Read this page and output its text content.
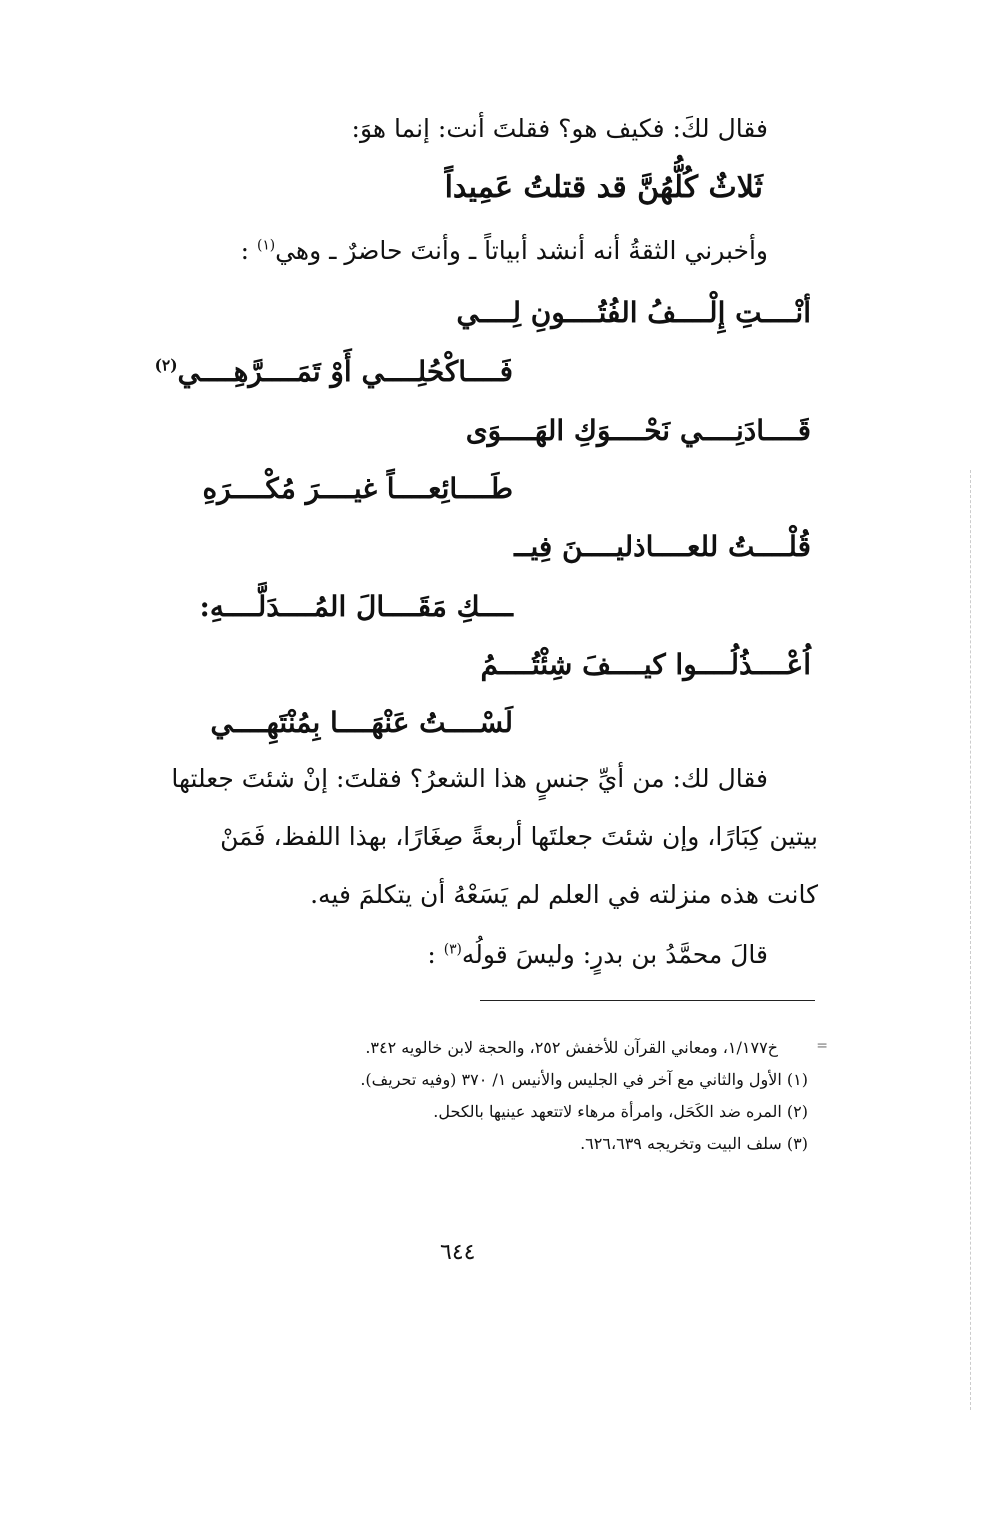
فقال لكَ: فكيف هو؟ فقلتَ أنت: إنما هوَ:
ثَلاثٌ كُلُّهُنَّ قد قتلتُ عَمِيداً
وأخبرني الثقةُ أنه أنشد أبياتاً ـ وأنتَ حاضرٌ ـ وهي$^{(١)}$ :
أنْــــتِ إِلْــــفُ الفُتُــــونِ لِــــي
فَــــاكْحُلِــــي أَوْ تَمَــــرَّهِــــي$^{(٢)}$
قَــــادَنِــــي نَحْــــوَكِ الهَــــوَى
طَــــائِعــــاً غيــــرَ مُكْــــرَهِ
قُلْــــتُ للعــــاذليــــنَ فِيــ
ــــكِ مَقَــــالَ المُــــدَلَّــــهِ:
اُعْــــذُلُــــوا كيــــفَ شِئْتُــــمُ
لَسْــــتُ عَنْهَــــا بِمُنْتَهِــــي
فقال لك: من أيِّ جنسٍ هذا الشعرُ؟ فقلتَ: إنْ شئتَ جعلتها
بيتين كِبَارًا، وإن شئتَ جعلتَها أربعةً صِغَارًا، بهذا اللفظ، فَمَنْ
كانت هذه منزلته في العلم لم يَسَعْهُ أن يتكلمَ فيه.
قالَ محمَّدُ بن بدرٍ: وليسَ قولُه$^{(٣)}$ :
=
خ١/١٧٧، ومعاني القرآن للأخفش ٢٥٢، والحجة لابن خالويه ٣٤٢.
(١) الأول والثاني مع آخر في الجليس والأنيس ١/ ٣٧٠ (وفيه تحريف).
(٢) المره ضد الكَحَل، وامرأة مرهاء لاتتعهد عينيها بالكحل.
(٣) سلف البيت وتخريجه ٦٢٦،٦٣٩.
٦٤٤
